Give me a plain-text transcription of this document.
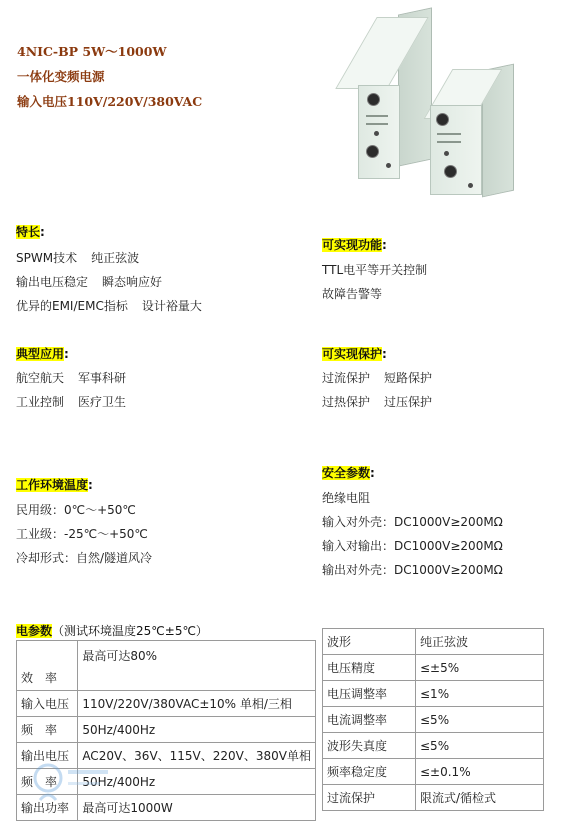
4NIC-BP 5W～1000W
一体化变频电源
输入电压110V/220V/380VAC
特长:
SPWM技术 纯正弦波
输出电压稳定 瞬态响应好
优异的EMI/EMC指标 设计裕量大
可实现功能:
TTL电平等开关控制
故障告警等
典型应用:
航空航天 军事科研
工业控制 医疗卫生
可实现保护:
过流保护 短路保护
过热保护 过压保护
工作环境温度:
民用级：0℃～+50℃
工业级：-25℃～+50℃
冷却形式：自然/隧道风冷
安全参数:
绝缘电阻
输入对外壳：DC1000V≥200MΩ
输入对输出：DC1000V≥200MΩ
输出对外壳：DC1000V≥200MΩ
电参数（测试环境温度25℃±5℃）
效　率	最高可达80%
输入电压	110V/220V/380VAC±10% 单相/三相
频　率	50Hz/400Hz
输出电压	AC20V、36V、115V、220V、380V单相
频　率	50Hz/400Hz
输出功率	最高可达1000W
波形	纯正弦波
电压精度	≤±5%
电压调整率	≤1%
电流调整率	≤5%
波形失真度	≤5%
频率稳定度	≤±0.1%
过流保护	限流式/循检式
